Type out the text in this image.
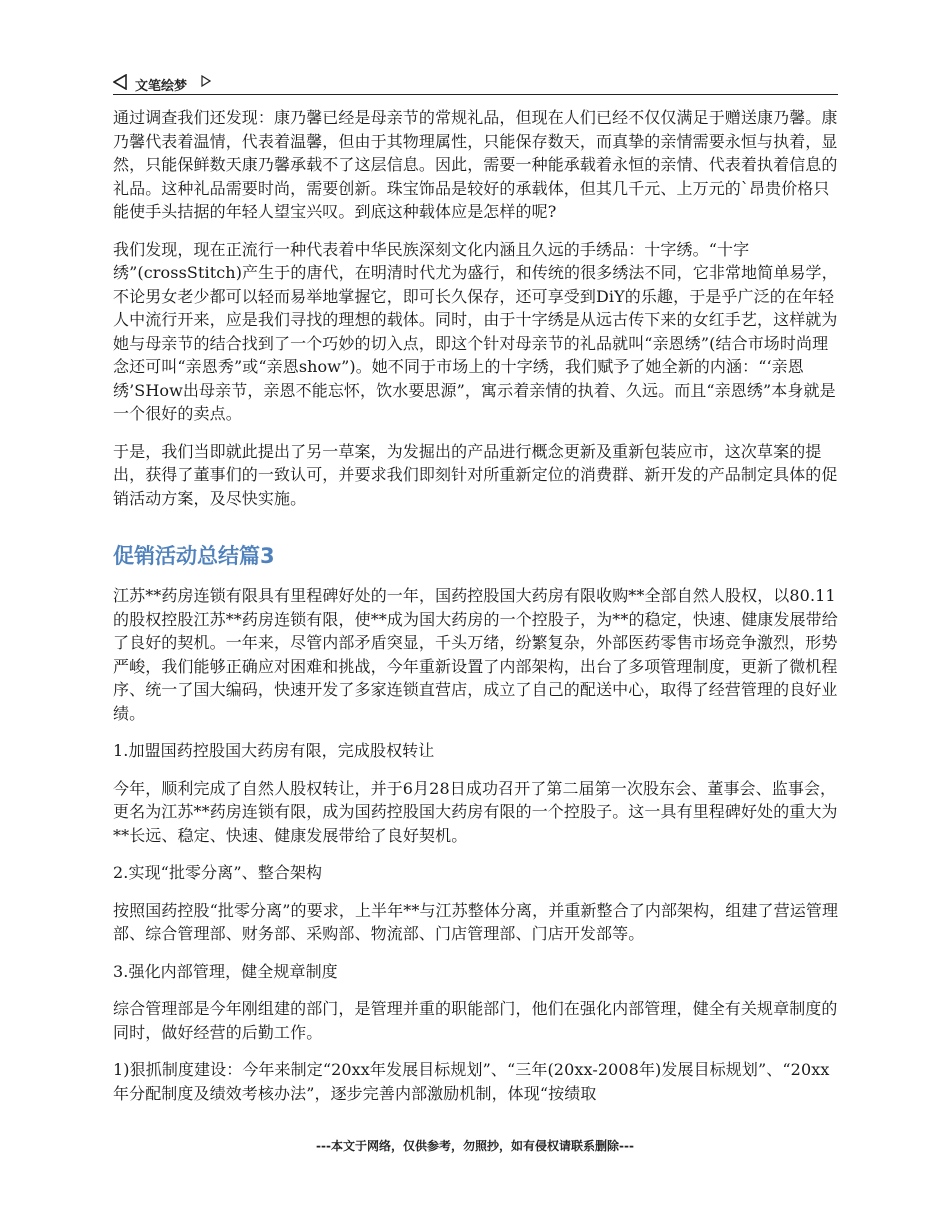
文笔绘梦

通过调查我们还发现：康乃馨已经是母亲节的常规礼品，但现在人们已经不仅仅满足于赠送康乃馨。康乃馨代表着温情，代表着温馨，但由于其物理属性，只能保存数天，而真挚的亲情需要永恒与执着，显然，只能保鲜数天康乃馨承载不了这层信息。因此，需要一种能承载着永恒的亲情、代表着执着信息的礼品。这种礼品需要时尚，需要创新。珠宝饰品是较好的承载体，但其几千元、上万元的`昂贵价格只能使手头拮据的年轻人望宝兴叹。到底这种载体应是怎样的呢?

我们发现，现在正流行一种代表着中华民族深刻文化内涵且久远的手绣品：十字绣。“十字绣”(crossStitch)产生于的唐代，在明清时代尤为盛行，和传统的很多绣法不同，它非常地简单易学，不论男女老少都可以轻而易举地掌握它，即可长久保存，还可享受到DiY的乐趣，于是乎广泛的在年轻人中流行开来，应是我们寻找的理想的载体。同时，由于十字绣是从远古传下来的女红手艺，这样就为她与母亲节的结合找到了一个巧妙的切入点，即这个针对母亲节的礼品就叫“亲恩绣”(结合市场时尚理念还可叫“亲恩秀”或“亲恩show”)。她不同于市场上的十字绣，我们赋予了她全新的内涵：“‘亲恩绣’SHow出母亲节，亲恩不能忘怀，饮水要思源”，寓示着亲情的执着、久远。而且“亲恩绣”本身就是一个很好的卖点。

于是，我们当即就此提出了另一草案，为发掘出的产品进行概念更新及重新包装应市，这次草案的提出，获得了董事们的一致认可，并要求我们即刻针对所重新定位的消费群、新开发的产品制定具体的促销活动方案，及尽快实施。

促销活动总结篇3

江苏**药房连锁有限具有里程碑好处的一年，国药控股国大药房有限收购**全部自然人股权，以80.11的股权控股江苏**药房连锁有限，使**成为国大药房的一个控股子，为**的稳定，快速、健康发展带给了良好的契机。一年来，尽管内部矛盾突显，千头万绪，纷繁复杂，外部医药零售市场竞争激烈，形势严峻，我们能够正确应对困难和挑战，今年重新设置了内部架构，出台了多项管理制度，更新了微机程序、统一了国大编码，快速开发了多家连锁直营店，成立了自己的配送中心，取得了经营管理的良好业绩。

1.加盟国药控股国大药房有限，完成股权转让

今年，顺利完成了自然人股权转让，并于6月28日成功召开了第二届第一次股东会、董事会、监事会，更名为江苏**药房连锁有限，成为国药控股国大药房有限的一个控股子。这一具有里程碑好处的重大为**长远、稳定、快速、健康发展带给了良好契机。

2.实现“批零分离”、整合架构

按照国药控股“批零分离”的要求，上半年**与江苏整体分离，并重新整合了内部架构，组建了营运管理部、综合管理部、财务部、采购部、物流部、门店管理部、门店开发部等。

3.强化内部管理，健全规章制度

综合管理部是今年刚组建的部门，是管理并重的职能部门，他们在强化内部管理，健全有关规章制度的同时，做好经营的后勤工作。

1)狠抓制度建设：今年来制定“20xx年发展目标规划”、“三年(20xx-2008年)发展目标规划”、“20xx年分配制度及绩效考核办法”，逐步完善内部激励机制，体现“按绩取

---本文于网络，仅供参考，勿照抄，如有侵权请联系删除---
